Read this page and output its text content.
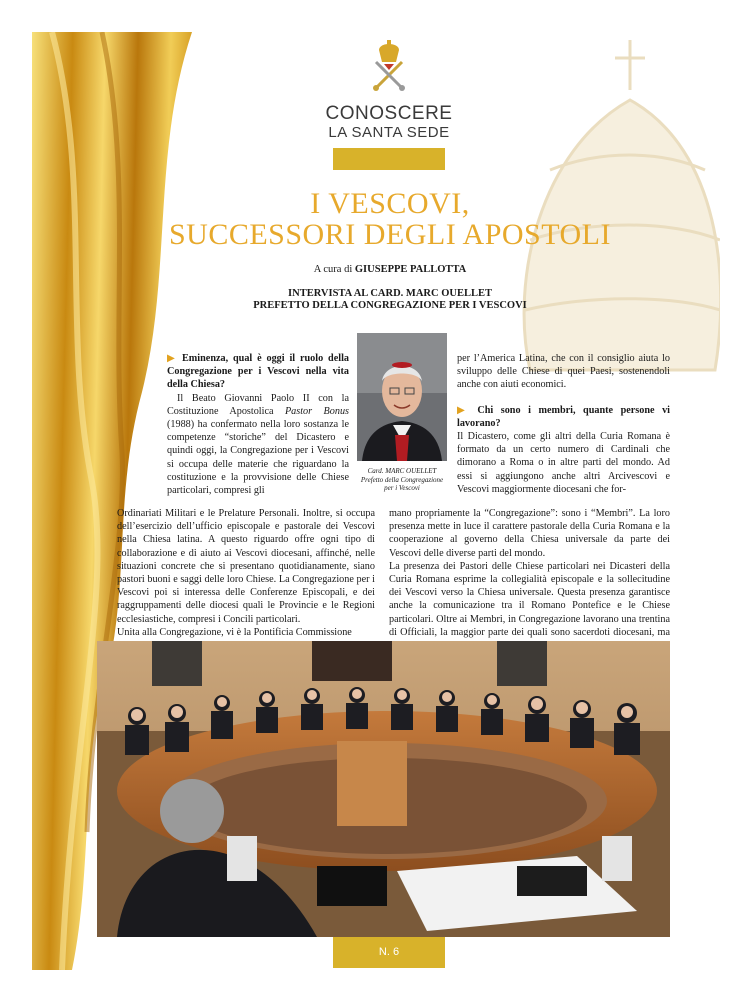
CONOSCERE
LA SANTA SEDE
I VESCOVI,
SUCCESSORI DEGLI APOSTOLI
A cura di GIUSEPPE PALLOTTA
INTERVISTA AL CARD. MARC OUELLET
PREFETTO DELLA CONGREGAZIONE PER I VESCOVI

▶ Eminenza, qual è oggi il ruolo della Congregazione per i Vescovi nella vita della Chiesa?

Il Beato Giovanni Paolo II con la Costituzione Apostolica Pastor Bonus (1988) ha confermato nella loro sostanza le competenze “storiche” del Dicastero e quindi oggi, la Congregazione per i Vescovi si occupa delle materie che riguardano la costituzione e la provvisione delle Chiese particolari, compresi gli

Card. MARC OUELLET
Prefetto della Congregazione
per i Vescovi

per l’America Latina, che con il consiglio aiuta lo sviluppo delle Chiese di quei Paesi, sostenendoli anche con aiuti economici.

▶ Chi sono i membri, quante persone vi lavorano?

Il Dicastero, come gli altri della Curia Romana è formato da un certo numero di Cardinali che dimorano a Roma o in altre parti del mondo. Ad essi si aggiungono anche altri Arcivescovi e Vescovi maggiormente diocesani che for-

Ordinariati Militari e le Prelature Personali. Inoltre, si occupa dell’esercizio dell’ufficio episcopale e pastorale dei Vescovi nella Chiesa latina. A questo riguardo offre ogni tipo di collaborazione e di aiuto ai Vescovi diocesani, affinché, nelle situazioni concrete che si presentano quotidianamente, siano pastori buoni e saggi delle loro Chiese. La Congregazione per i Vescovi poi si interessa delle Conferenze Episcopali, e dei raggruppamenti delle diocesi quali le Provincie e le Regioni ecclesiastiche, compresi i Concili particolari.

Unita alla Congregazione, vi è la Pontificia Commissione

mano propriamente la “Congregazione”: sono i “Membri”. La loro presenza mette in luce il carattere pastorale della Curia Romana e la cooperazione al governo della Chiesa universale da parte dei Vescovi delle diverse parti del mondo.

La presenza dei Pastori delle Chiese particolari nei Dicasteri della Curia Romana esprime la collegialità episcopale e la sollecitudine dei Vescovi verso la Chiesa universale. Questa presenza garantisce anche la comunicazione tra il Romano Pontefice e le Chiese particolari. Oltre ai Membri, in Congregazione lavorano una trentina di Officiali, la maggior parte dei quali sono sacerdoti diocesani, ma

N. 6
